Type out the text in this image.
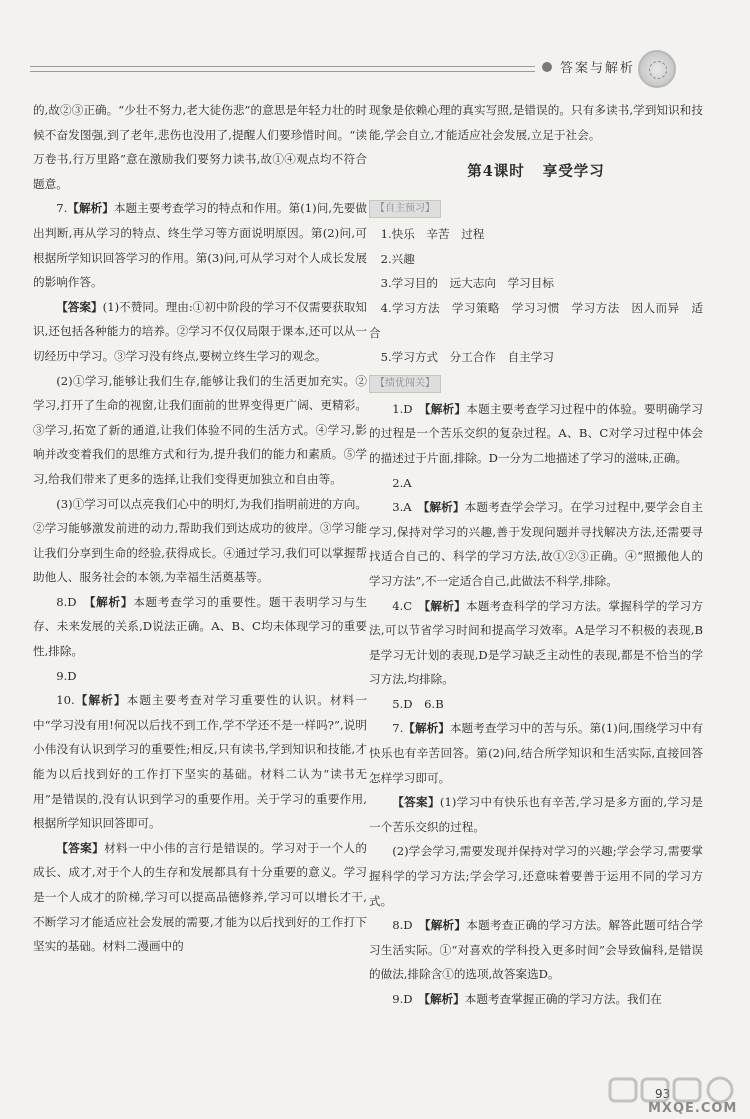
答案与解析

的,故②③正确。“少壮不努力,老大徒伤悲”的意思是年轻力壮的时候不奋发图强,到了老年,悲伤也没用了,提醒人们要珍惜时间。“读万卷书,行万里路”意在激励我们要努力读书,故①④观点均不符合题意。

7.【解析】本题主要考查学习的特点和作用。第(1)问,先要做出判断,再从学习的特点、终生学习等方面说明原因。第(2)问,可根据所学知识回答学习的作用。第(3)问,可从学习对个人成长发展的影响作答。

【答案】(1)不赞同。理由:①初中阶段的学习不仅需要获取知识,还包括各种能力的培养。②学习不仅仅局限于课本,还可以从一切经历中学习。③学习没有终点,要树立终生学习的观念。

(2)①学习,能够让我们生存,能够让我们的生活更加充实。②学习,打开了生命的视窗,让我们面前的世界变得更广阔、更精彩。③学习,拓宽了新的通道,让我们体验不同的生活方式。④学习,影响并改变着我们的思维方式和行为,提升我们的能力和素质。⑤学习,给我们带来了更多的选择,让我们变得更加独立和自由等。

(3)①学习可以点亮我们心中的明灯,为我们指明前进的方向。②学习能够激发前进的动力,帮助我们到达成功的彼岸。③学习能让我们分享到生命的经验,获得成长。④通过学习,我们可以掌握帮助他人、服务社会的本领,为幸福生活奠基等。

8.D　 【解析】本题考查学习的重要性。题干表明学习与生存、未来发展的关系,D说法正确。A、B、C均未体现学习的重要性,排除。

9.D

10.【解析】本题主要考查对学习重要性的认识。材料一中“学习没有用!何况以后找不到工作,学不学还不是一样吗?”,说明小伟没有认识到学习的重要性;相反,只有读书,学到知识和技能,才能为以后找到好的工作打下坚实的基础。材料二认为“读书无用”是错误的,没有认识到学习的重要作用。关于学习的重要作用,根据所学知识回答即可。

【答案】材料一中小伟的言行是错误的。学习对于一个人的成长、成才,对于个人的生存和发展都具有十分重要的意义。学习是一个人成才的阶梯,学习可以提高品德修养,学习可以增长才干,不断学习才能适应社会发展的需要,才能为以后找到好的工作打下坚实的基础。材料二漫画中的

现象是依赖心理的真实写照,是错误的。只有多读书,学到知识和技能,学会自立,才能适应社会发展,立足于社会。

第4课时 享受学习
【自主预习】

1.快乐　辛苦　过程

2.兴趣

3.学习目的　远大志向　学习目标

4.学习方法　学习策略　学习习惯　学习方法　因人而异　适合

5.学习方式　分工合作　自主学习

【绩优闯关】

1.D　 【解析】本题主要考查学习过程中的体验。要明确学习的过程是一个苦乐交织的复杂过程。A、B、C对学习过程中体会的描述过于片面,排除。D一分为二地描述了学习的滋味,正确。

2.A

3.A　 【解析】本题考查学会学习。在学习过程中,要学会自主学习,保持对学习的兴趣,善于发现问题并寻找解决方法,还需要寻找适合自己的、科学的学习方法,故①②③正确。④“照搬他人的学习方法”,不一定适合自己,此做法不科学,排除。

4.C　 【解析】本题考查科学的学习方法。掌握科学的学习方法,可以节省学习时间和提高学习效率。A是学习不积极的表现,B是学习无计划的表现,D是学习缺乏主动性的表现,都是不恰当的学习方法,均排除。

5.D　6.B

7.【解析】本题考查学习中的苦与乐。第(1)问,围绕学习中有快乐也有辛苦回答。第(2)问,结合所学知识和生活实际,直接回答怎样学习即可。

【答案】(1)学习中有快乐也有辛苦,学习是多方面的,学习是一个苦乐交织的过程。

(2)学会学习,需要发现并保持对学习的兴趣;学会学习,需要掌握科学的学习方法;学会学习,还意味着要善于运用不同的学习方式。

8.D　 【解析】本题考查正确的学习方法。解答此题可结合学习生活实际。①“对喜欢的学科投入更多时间”会导致偏科,是错误的做法,排除含①的选项,故答案选D。

9.D　 【解析】本题考查掌握正确的学习方法。我们在

93
MXQE.COM
